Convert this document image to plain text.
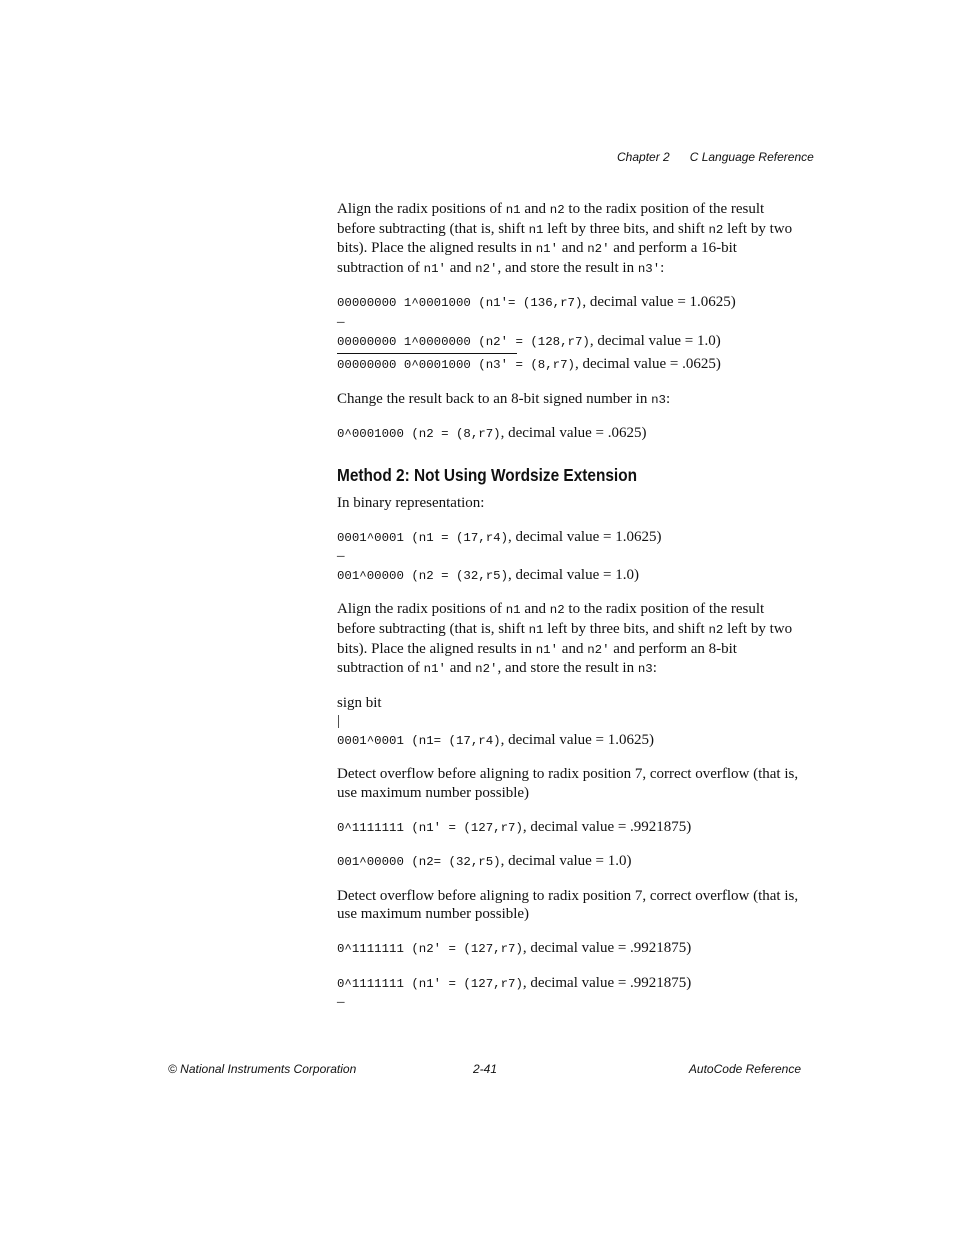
Chapter 2 C Language Reference

Align the radix positions of n1 and n2 to the radix position of the result before subtracting (that is, shift n1 left by three bits, and shift n2 left by two bits). Place the aligned results in n1' and n2' and perform a 16-bit subtraction of n1' and n2', and store the result in n3':

00000000 1^0001000 (n1'= (136,r7), decimal value = 1.0625)

–

00000000 1^0000000 (n2' = (128,r7), decimal value = 1.0)

00000000 0^0001000 (n3' = (8,r7), decimal value = .0625)

Change the result back to an 8-bit signed number in n3:

0^0001000 (n2 = (8,r7), decimal value = .0625)

Method 2: Not Using Wordsize Extension

In binary representation:

0001^0001 (n1 = (17,r4), decimal value = 1.0625)

–

001^00000 (n2 = (32,r5), decimal value = 1.0)

Align the radix positions of n1 and n2 to the radix position of the result before subtracting (that is, shift n1 left by three bits, and shift n2 left by two bits). Place the aligned results in n1' and n2' and perform an 8-bit subtraction of n1' and n2', and store the result in n3:

sign bit

|

0001^0001 (n1= (17,r4), decimal value = 1.0625)

Detect overflow before aligning to radix position 7, correct overflow (that is, use maximum number possible)

0^1111111 (n1' = (127,r7), decimal value = .9921875)

001^00000 (n2= (32,r5), decimal value = 1.0)

Detect overflow before aligning to radix position 7, correct overflow (that is, use maximum number possible)

0^1111111 (n2' = (127,r7), decimal value = .9921875)

0^1111111 (n1' = (127,r7), decimal value = .9921875)

–

© National Instruments Corporation	2-41	AutoCode Reference
